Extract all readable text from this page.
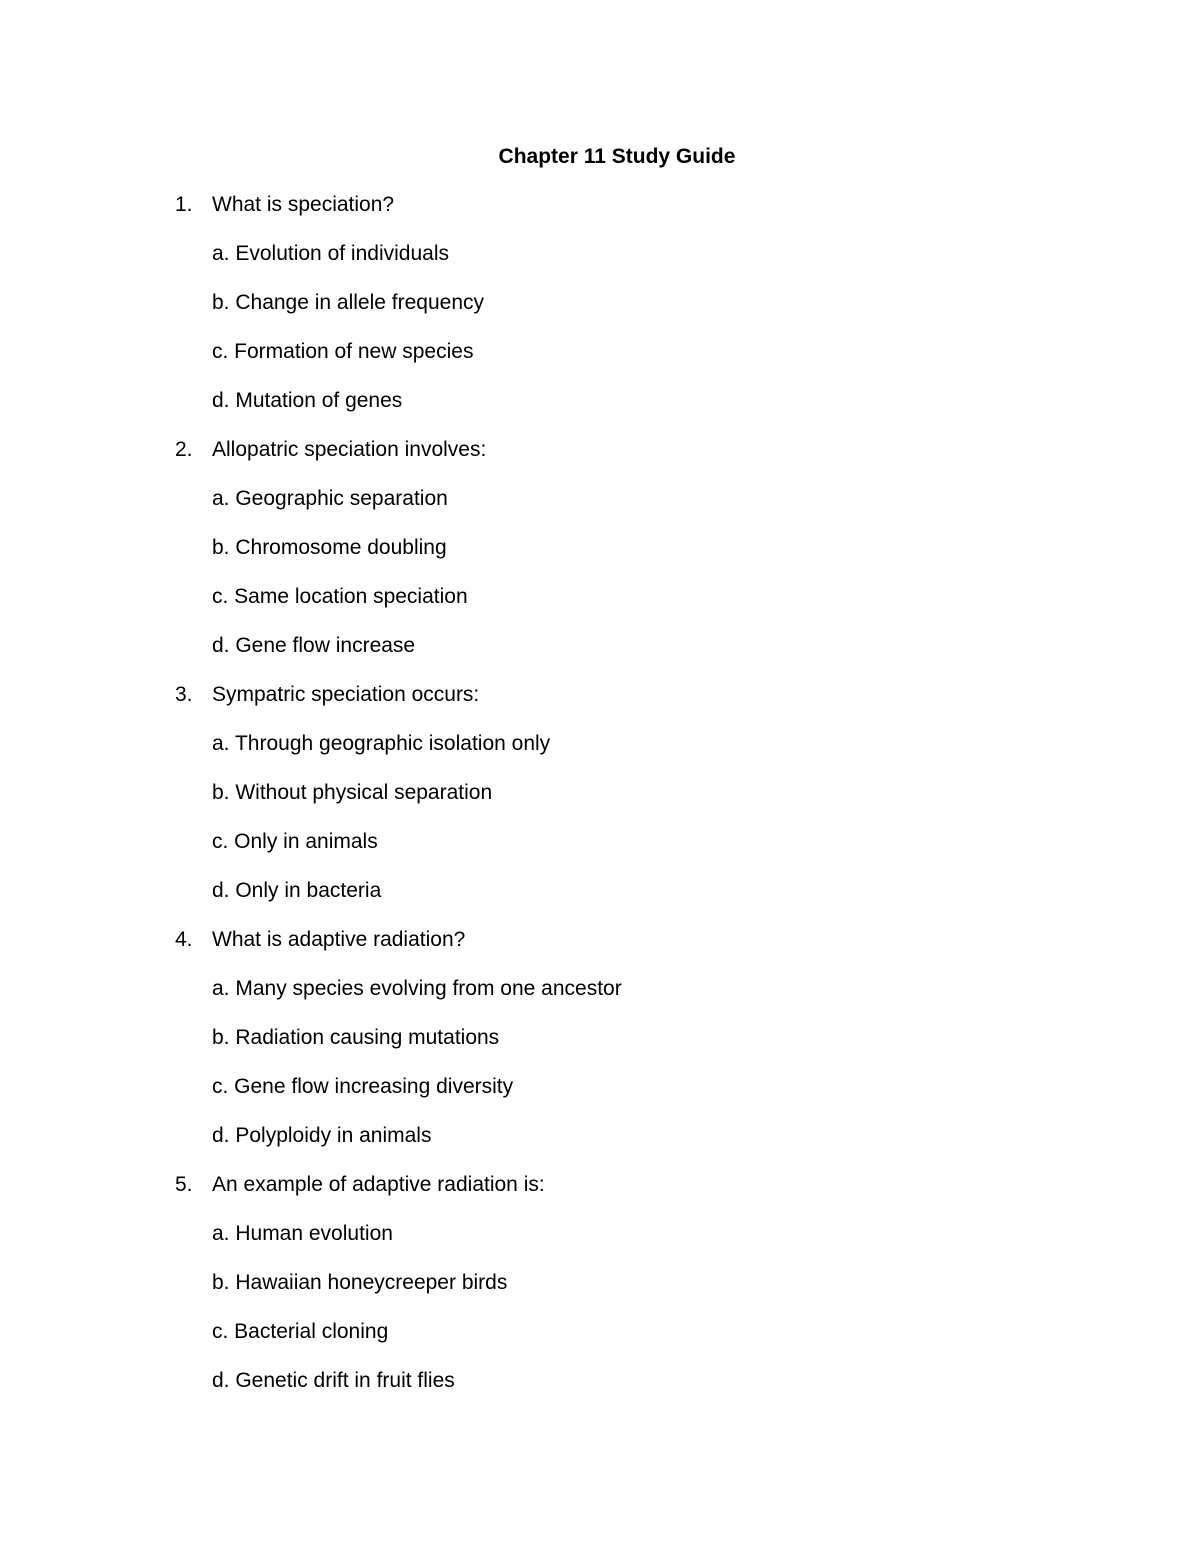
Chapter 11 Study Guide
1. What is speciation?
a. Evolution of individuals
b. Change in allele frequency
c. Formation of new species
d. Mutation of genes
2. Allopatric speciation involves:
a. Geographic separation
b. Chromosome doubling
c. Same location speciation
d. Gene flow increase
3. Sympatric speciation occurs:
a. Through geographic isolation only
b. Without physical separation
c. Only in animals
d. Only in bacteria
4. What is adaptive radiation?
a. Many species evolving from one ancestor
b. Radiation causing mutations
c. Gene flow increasing diversity
d. Polyploidy in animals
5. An example of adaptive radiation is:
a. Human evolution
b. Hawaiian honeycreeper birds
c. Bacterial cloning
d. Genetic drift in fruit flies
